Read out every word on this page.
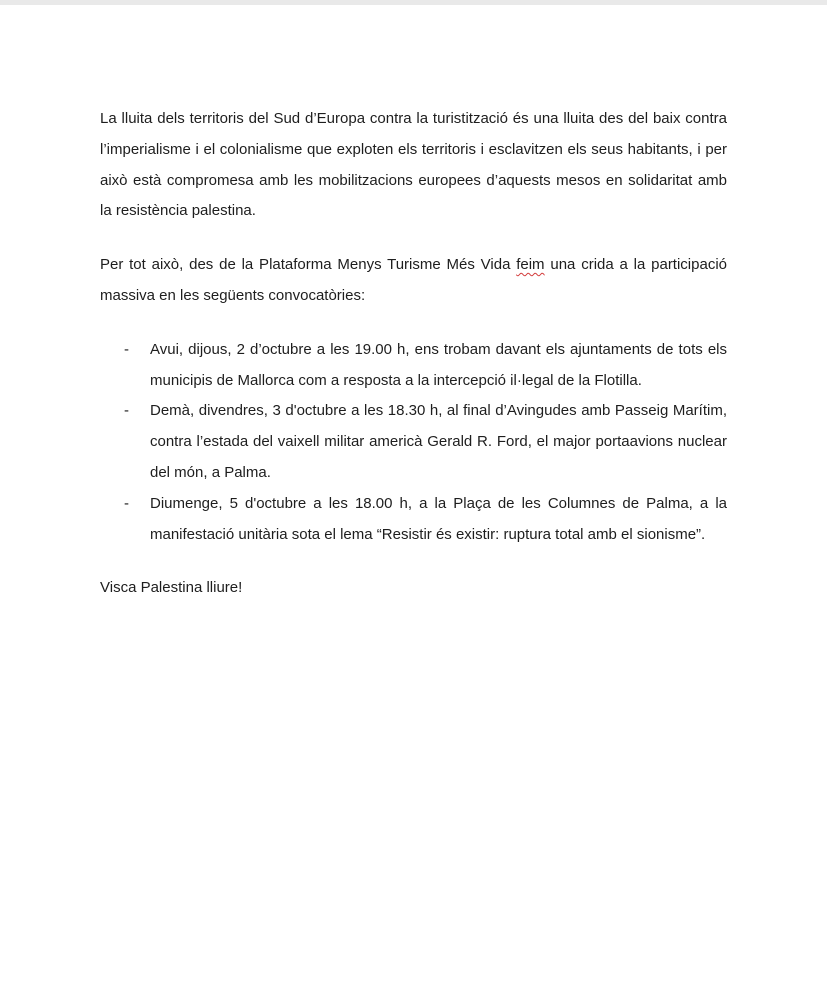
La lluita dels territoris del Sud d’Europa contra la turistització és una lluita des del baix contra l’imperialisme i el colonialisme que exploten els territoris i esclavitzen els seus habitants, i per això està compromesa amb les mobilitzacions europees d’aquests mesos en solidaritat amb la resistència palestina.

Per tot això, des de la Plataforma Menys Turisme Més Vida feim una crida a la participació massiva en les següents convocatòries:

-	Avui, dijous, 2 d’octubre a les 19.00 h, ens trobam davant els ajuntaments de tots els municipis de Mallorca com a resposta a la intercepció il·legal de la Flotilla.
-	Demà, divendres, 3 d'octubre a les 18.30 h, al final d’Avingudes amb Passeig Marítim, contra l’estada del vaixell militar americà Gerald R. Ford, el major portaavions nuclear del món, a Palma.
-	Diumenge, 5 d'octubre a les 18.00 h, a la Plaça de les Columnes de Palma, a la manifestació unitària sota el lema “Resistir és existir: ruptura total amb el sionisme”.

Visca Palestina lliure!
